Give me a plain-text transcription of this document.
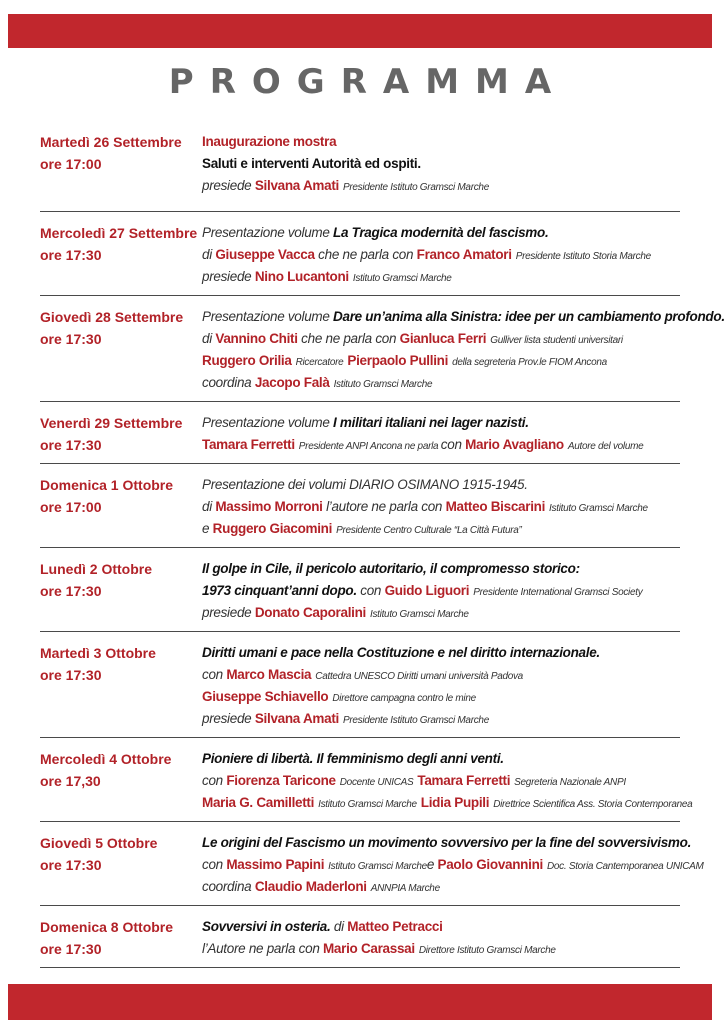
PROGRAMMA
Martedì 26 Settembre
ore 17:00
Inaugurazione mostra
Saluti e interventi Autorità ed ospiti.
presiede Silvana Amati Presidente Istituto Gramsci Marche
Mercoledì 27 Settembre
ore 17:30
Presentazione volume La Tragica modernità del fascismo.
di Giuseppe Vacca che ne parla con Franco Amatori Presidente Istituto Storia Marche
presiede Nino Lucantoni Istituto Gramsci Marche
Giovedì 28 Settembre
ore 17:30
Presentazione volume Dare un’anima alla Sinistra: idee per un cambiamento profondo.
di Vannino Chiti che ne parla con Gianluca Ferri Gulliver lista studenti universitari
Ruggero Orilia Ricercatore Pierpaolo Pullini della segreteria Prov.le FIOM Ancona
coordina Jacopo Falà Istituto Gramsci Marche
Venerdì 29 Settembre
ore 17:30
Presentazione volume I militari italiani nei lager nazisti.
Tamara Ferretti Presidente ANPI Ancona ne parla con Mario Avagliano Autore del volume
Domenica 1 Ottobre
ore 17:00
Presentazione dei volumi DIARIO OSIMANO 1915-1945.
di Massimo Morroni l’autore ne parla con Matteo Biscarini Istituto Gramsci Marche
e Ruggero Giacomini Presidente Centro Culturale “La Città Futura”
Lunedì 2 Ottobre
ore 17:30
Il golpe in Cile, il pericolo autoritario, il compromesso storico:
1973 cinquant’anni dopo. con Guido Liguori Presidente International Gramsci Society
presiede Donato Caporalini Istituto Gramsci Marche
Martedì 3 Ottobre
ore 17:30
Diritti umani e pace nella Costituzione e nel diritto internazionale.
con Marco Mascia Cattedra UNESCO Diritti umani università Padova
Giuseppe Schiavello Direttore campagna contro le mine
presiede Silvana Amati Presidente Istituto Gramsci Marche
Mercoledì 4 Ottobre
ore 17,30
Pioniere di libertà. Il femminismo degli anni venti.
con Fiorenza Taricone Docente UNICAS Tamara Ferretti Segreteria Nazionale ANPI
Maria G. Camilletti Istituto Gramsci Marche Lidia Pupili Direttrice Scientifica Ass. Storia Contemporanea
Giovedì 5 Ottobre
ore 17:30
Le origini del Fascismo un movimento sovversivo per la fine del sovversivismo.
con Massimo Papini Istituto Gramsci Marchee Paolo Giovannini Doc. Storia Cantemporanea UNICAM
coordina Claudio Maderloni ANNPIA Marche
Domenica 8 Ottobre
ore 17:30
Sovversivi in osteria. di Matteo Petracci
l’Autore ne parla con Mario Carassai Direttore Istituto Gramsci Marche
